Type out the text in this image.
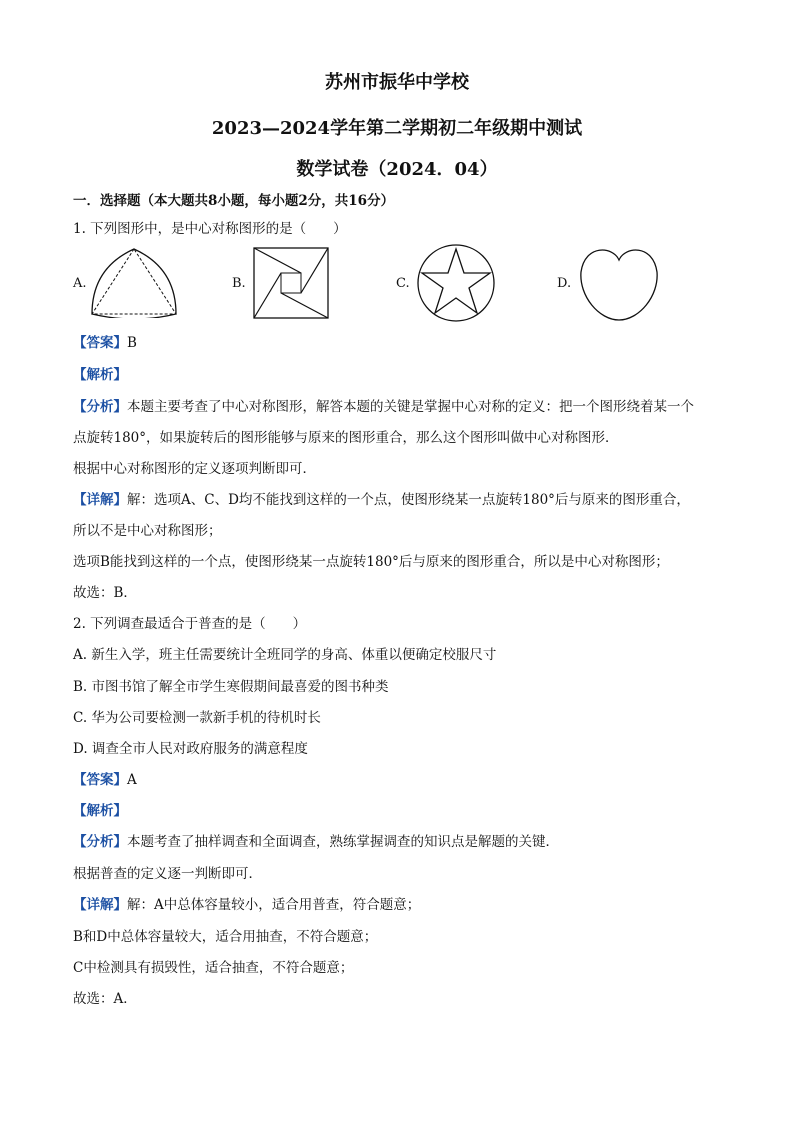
苏州市振华中学校
2023—2024学年第二学期初二年级期中测试
数学试卷（2024．04）
一．选择题（本大题共8小题，每小题2分，共16分）
1. 下列图形中，是中心对称图形的是（　　）
A.	B.	C.	D.
【答案】B
【解析】
【分析】本题主要考查了中心对称图形，解答本题的关键是掌握中心对称的定义：把一个图形绕着某一个
点旋转180°，如果旋转后的图形能够与原来的图形重合，那么这个图形叫做中心对称图形．
根据中心对称图形的定义逐项判断即可．
【详解】解：选项A、C、D均不能找到这样的一个点，使图形绕某一点旋转180°后与原来的图形重合，
所以不是中心对称图形；
选项B能找到这样的一个点，使图形绕某一点旋转180°后与原来的图形重合，所以是中心对称图形；
故选：B．
2. 下列调查最适合于普查的是（　　）
A. 新生入学，班主任需要统计全班同学的身高、体重以便确定校服尺寸
B. 市图书馆了解全市学生寒假期间最喜爱的图书种类
C. 华为公司要检测一款新手机的待机时长
D. 调查全市人民对政府服务的满意程度
【答案】A
【解析】
【分析】本题考查了抽样调查和全面调查，熟练掌握调查的知识点是解题的关键．
根据普查的定义逐一判断即可．
【详解】解：A中总体容量较小，适合用普查，符合题意；
B和D中总体容量较大，适合用抽查，不符合题意；
C中检测具有损毁性，适合抽查，不符合题意；
故选：A．
